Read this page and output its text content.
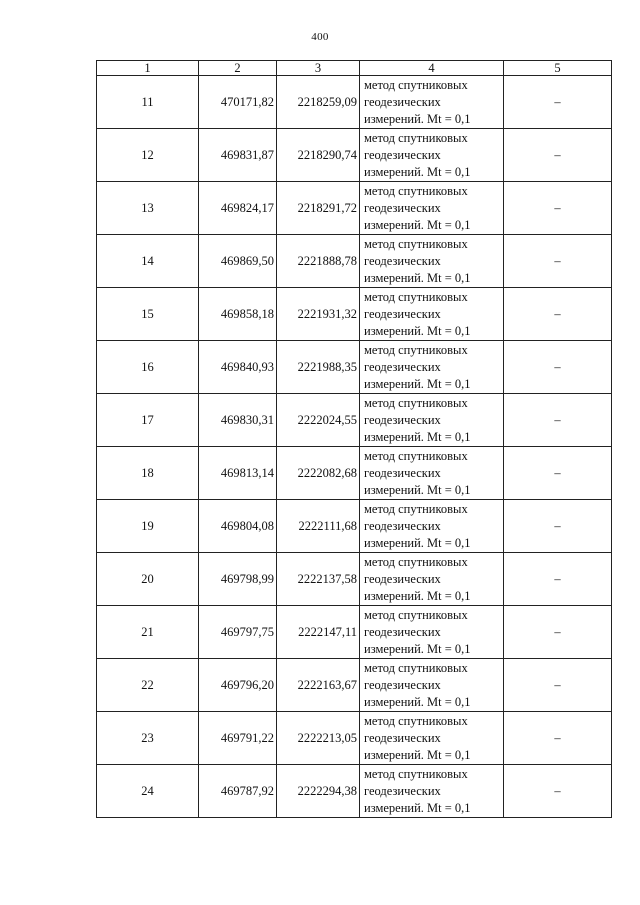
400
1	2	3	4	5
11	470171,82	2218259,09	метод спутниковых
геодезических
измерений. Mt = 0,1	–
12	469831,87	2218290,74	метод спутниковых
геодезических
измерений. Mt = 0,1	–
13	469824,17	2218291,72	метод спутниковых
геодезических
измерений. Mt = 0,1	–
14	469869,50	2221888,78	метод спутниковых
геодезических
измерений. Mt = 0,1	–
15	469858,18	2221931,32	метод спутниковых
геодезических
измерений. Mt = 0,1	–
16	469840,93	2221988,35	метод спутниковых
геодезических
измерений. Mt = 0,1	–
17	469830,31	2222024,55	метод спутниковых
геодезических
измерений. Mt = 0,1	–
18	469813,14	2222082,68	метод спутниковых
геодезических
измерений. Mt = 0,1	–
19	469804,08	2222111,68	метод спутниковых
геодезических
измерений. Mt = 0,1	–
20	469798,99	2222137,58	метод спутниковых
геодезических
измерений. Mt = 0,1	–
21	469797,75	2222147,11	метод спутниковых
геодезических
измерений. Mt = 0,1	–
22	469796,20	2222163,67	метод спутниковых
геодезических
измерений. Mt = 0,1	–
23	469791,22	2222213,05	метод спутниковых
геодезических
измерений. Mt = 0,1	–
24	469787,92	2222294,38	метод спутниковых
геодезических
измерений. Mt = 0,1	–
